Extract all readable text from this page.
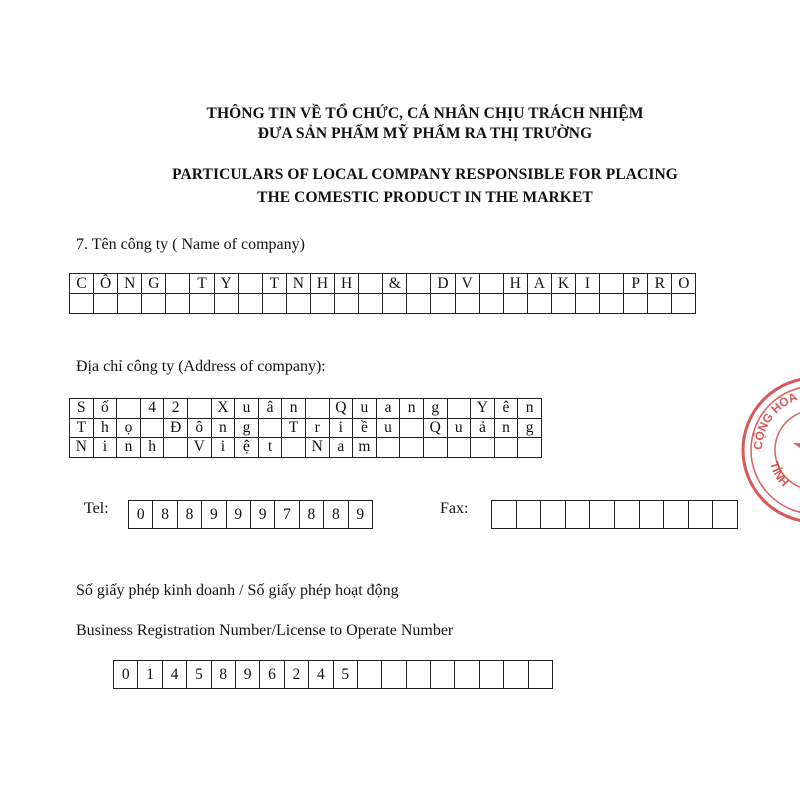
THÔNG TIN VỀ TỔ CHỨC, CÁ NHÂN CHỊU TRÁCH NHIỆM
ĐƯA SẢN PHẨM MỸ PHẨM RA THỊ TRƯỜNG
PARTICULARS OF LOCAL COMPANY RESPONSIBLE FOR PLACING
THE COMESTIC PRODUCT IN THE MARKET
7. Tên công ty ( Name of company)
C	Ô	N	G		T	Y		T	N	H	H		&		D	V		H	A	K	I		P	R	O

Địa chỉ công ty (Address of company):
S	ố		4	2		X	u	â	n		Q	u	a	n	g		Y	ê	n
T	h	ọ		Đ	ô	n	g		T	r	i	ề	u		Q	u	ả	n	g
N	i	n	h		V	i	ệ	t		N	a	m							
Tel: 0	8	8	9	9	9	7	8	8	9	Fax:

Số giấy phép kinh doanh / Số giấy phép hoạt động
Business Registration Number/License to Operate Number
0	1	4	5	8	9	6	2	4	5								
CỘNG HÒA
TỈNH
